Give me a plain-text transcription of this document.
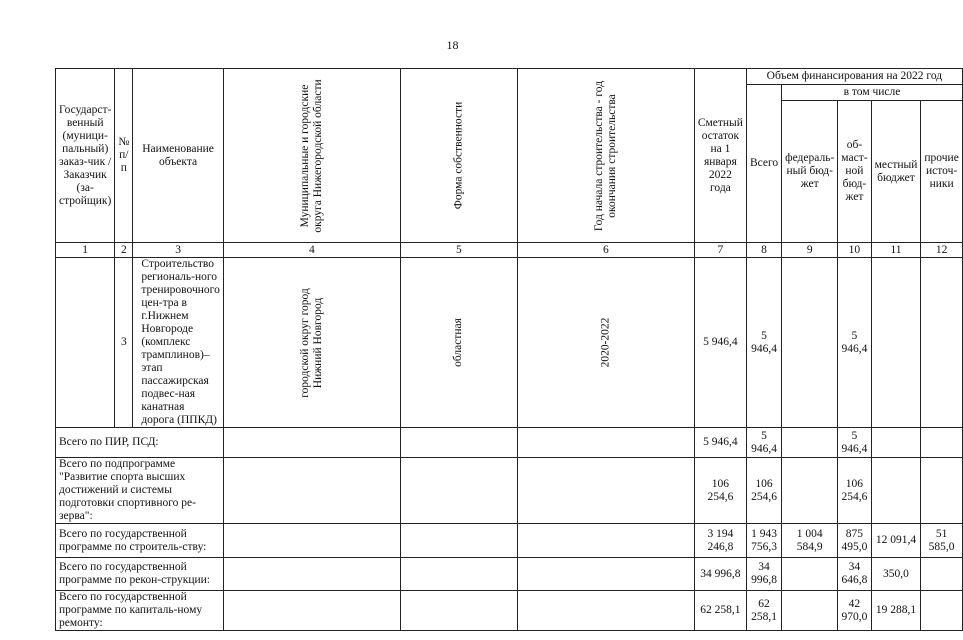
18
Государст-венный (муници-пальный) заказ-чик / Заказчик (за-стройщик)	№ п/ п	Наименование объекта	Муниципальные и городские округа Нижегородской области	Форма собственности	Год начала строительства - год окончания строительства	Сметный остаток на 1 января 2022 года	Объем финансирования на 2022 год				
							Всего	в том числе			
								федераль-ный бюд-жет	об-маст-ной бюд-жет	местный бюджет	прочие источ-ники
1	2	3	4	5	6	7	8	9	10	11	12
	3	Строительство региональ-ного тренировочного цен-тра в г.Нижнем Новгороде (комплекс трамплинов)– этап пассажирская подвес-ная канатная дорога (ППКД)	городской округ город Нижний Новгород	областная	2020-2022	5 946,4	5 946,4		5 946,4		
Всего по ПИР, ПСД:						5 946,4	5 946,4		5 946,4		
Всего по подпрограмме "Развитие спорта высших достижений и системы подготовки спортивного ре-зерва":						106 254,6	106 254,6		106 254,6		
Всего по государственной программе по строитель-ству:						3 194 246,8	1 943 756,3	1 004 584,9	875 495,0	12 091,4	51 585,0
Всего по государственной программе по рекон-струкции:						34 996,8	34 996,8		34 646,8	350,0	
Всего по государственной программе по капиталь-ному ремонту:						62 258,1	62 258,1		42 970,0	19 288,1	
